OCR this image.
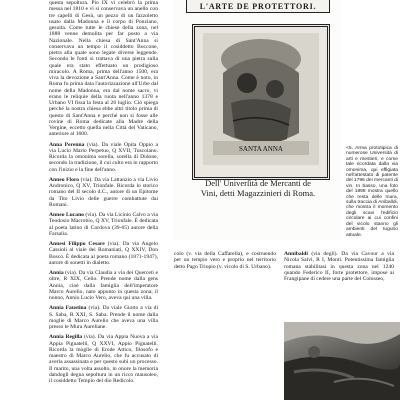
questa sepoltura. Pio IX vi celebrò la prima messa nel 1810 e vi si conservava un anello con tre capelli di Gesù, un pezzo di un fazzoletto usato dalla Madonna e il corpo di Ponziano, gesuita. Come tutte le chiese della zona, nel 1888 venne demolita per far posto a via Nazionale. Nella chiesa di Sant'Anna si conservava un tempo il cosiddetto Boccone, pietra alla quale sono legate diverse leggende. Secondo le fonti si trattava di una pietra sulla quale era stato effettuato un prodigioso miracolo. A Roma, prima dell'anno 1500, era viva la devozione a Sant'Anna. Come è noto, in Roma fu prima data l'autorizzazione all'Urbe dal nome della Madonna, era dal nome sacro, vi erano le reliquie della ruota nell'anno 1378 e Urbano VI fissa la festa al 26 luglio. Ciò spiega perché la nostra chiesa ebbe altri titolo prima di questo di Sant'Anna e perché non si fosse alle rovine di Roma dedicate alla Madre della Vergine, eccetto quella nella Città del Vaticano, anteriore al 1600.

Anna Perenna (via). Da viale Opita Oppio a via Lucio Mario Perpetuo, Q XVII, Tuscolano. Ricorda la omonima sorella, sorella di Didone, secondo la tradizione, il cui culto era in rapporto con l'inizio e la fine dell'anno.

Anneo Floro (via). Da via Lattanzio a via Livio Andronico, Q XV, Trionfale. Ricorda lo storico romano del II secolo d.C., autore di un Epitome da Tito Livio delle guerre combattute dai Romani.

Anneo Lucano (via). Da via Licinio Calvo a via Teodosio Macrobio, Q XV, Trionfale. È dedicata al poeta latino di Cordova (39-65) autore della Farsalia.

Annesi Filippo Cesare (via). Da via Angelo Cassioli al viale dei Romaniati, Q XXIV, Don Bosco. È dedicata al poeta romano (1871-1947), autore di sonetti in dialetto.

Annia (via). Da via Claudia a via dei Querceti e oltre, R XIX, Celio. Prende nome dalla gens Annia, cioè dalla famiglia dell'imperatore Marco Aurelio, nato appunto in questa zona; il nonno, Annio Lucio Vero, aveva qui una villa.

Annia Faustina (via). Da viale Giotto a via di S. Saba, R XXI, S. Saba. Prende il nome dalla moglie di Marco Aurelio che aveva una villa presso le Mura Aureliane.

Annia Regilla (via). Da via Appia Nuova a via Appia Pignatelli, Q XXVI, Appio Pignatelli. Ricorda la moglie di Erode Attico, filosofo e maestro di Marco Aurelio, che fu accusato di averla assassinata e per questo subì un processo. Il marito, una volta assolto, in onore la memoria dandogli degna sepoltura in un ricco mausoleo, il cosiddetto Tempio del dio Redicolo.

L'ARTE DE PROTETTORI.
SANTA ANNA
Dell' Univerſità de Mercanti de
Vini, detti Magazzinieri di Roma.
<5. Arma prototipica di numerose Università di arti e mestieri, e come tale ricordata dalla via omonima, qui effigiata nell'attestato di patente del 1796 dei mercanti di vin. In basso, una foto del 1898 mostra quello che resta delle mura, sulla traccia di Aniballdi, che mostra il momento degli scavi l'edificio circolare ai cui confini del vicolo stanno gli ambienti del tugurio attuale.

colo (v. via della Caffarella), e costruendo per un tempio vero e proprio nel territorio detto Pago Triopio (v. vicolo di S. Urbano).

Annibaldi (via degli). Da via Cavour a via Nicola Salvi, R I, Monti. Potentissima famiglia romana stabilitasi in questa zona nel 1240 quando Federico II, forte protettore, impose ai Frangipane di cedere una parte del Colosseo,
